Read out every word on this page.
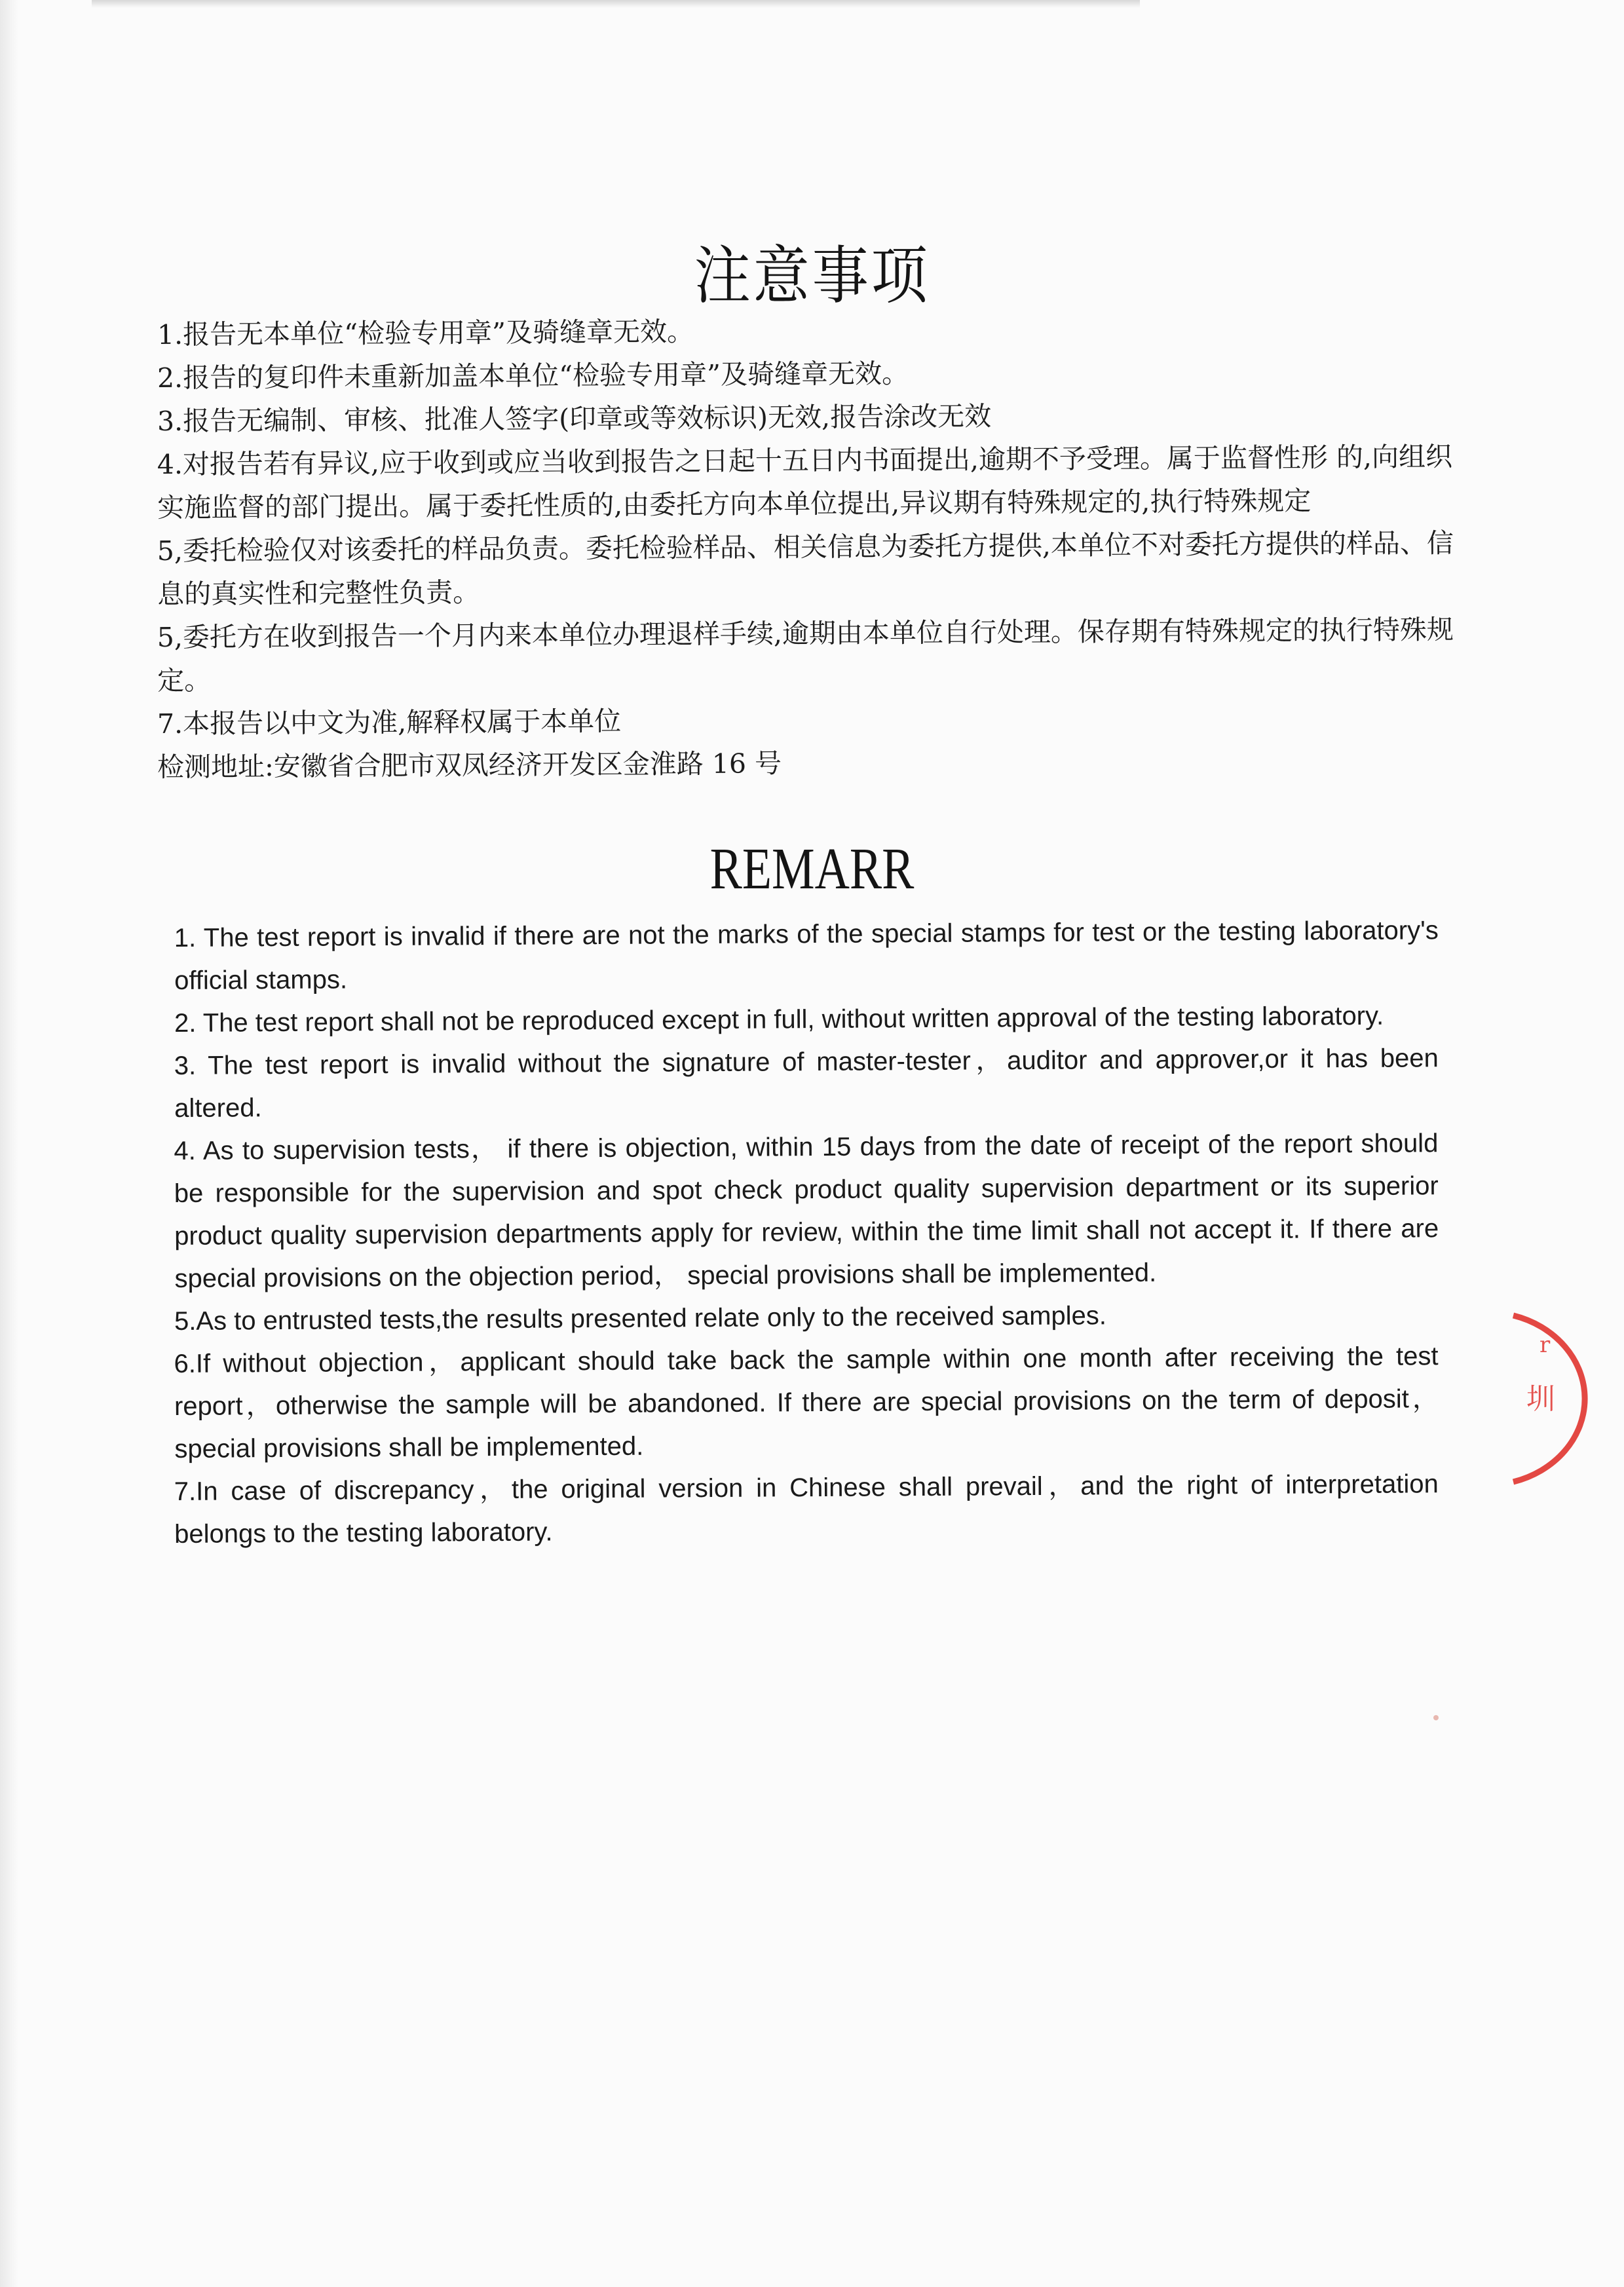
注意事项

1.报告无本单位“检验专用章”及骑缝章无效。

2.报告的复印件未重新加盖本单位“检验专用章”及骑缝章无效。

3.报告无编制、审核、批准人签字(印章或等效标识)无效,报告涂改无效

4.对报告若有异议,应于收到或应当收到报告之日起十五日内书面提出,逾期不予受理。属于监督性形 的,向组织实施监督的部门提出。属于委托性质的,由委托方向本单位提出,异议期有特殊规定的,执行特殊规定

5,委托检验仅对该委托的样品负责。委托检验样品、相关信息为委托方提供,本单位不对委托方提供的样品、信息的真实性和完整性负责。

5,委托方在收到报告一个月内来本单位办理退样手续,逾期由本单位自行处理。保存期有特殊规定的执行特殊规定。

7.本报告以中文为准,解释权属于本单位

检测地址:安徽省合肥市双凤经济开发区金淮路 16 号

REMARR

1. The test report is invalid if there are not the marks of the special stamps for test or the testing laboratory's official stamps.

2. The test report shall not be reproduced except in full, without written approval of the testing laboratory.

3. The test report is invalid without the signature of master-tester，auditor and approver,or it has been altered.

4. As to supervision tests， if there is objection, within 15 days from the date of receipt of the report should be responsible for the supervision and spot check product quality supervision department or its superior product quality supervision departments apply for review, within the time limit shall not accept it. If there are special provisions on the objection period， special provisions shall be implemented.

5.As to entrusted tests,the results presented relate only to the received samples.

6.If without objection，applicant should take back the sample within one month after receiving the test report，otherwise the sample will be abandoned. If there are special provisions on the term of deposit，special provisions shall be implemented.

7.In case of discrepancy，the original version in Chinese shall prevail，and the right of interpretation belongs to the testing laboratory.

r
圳
